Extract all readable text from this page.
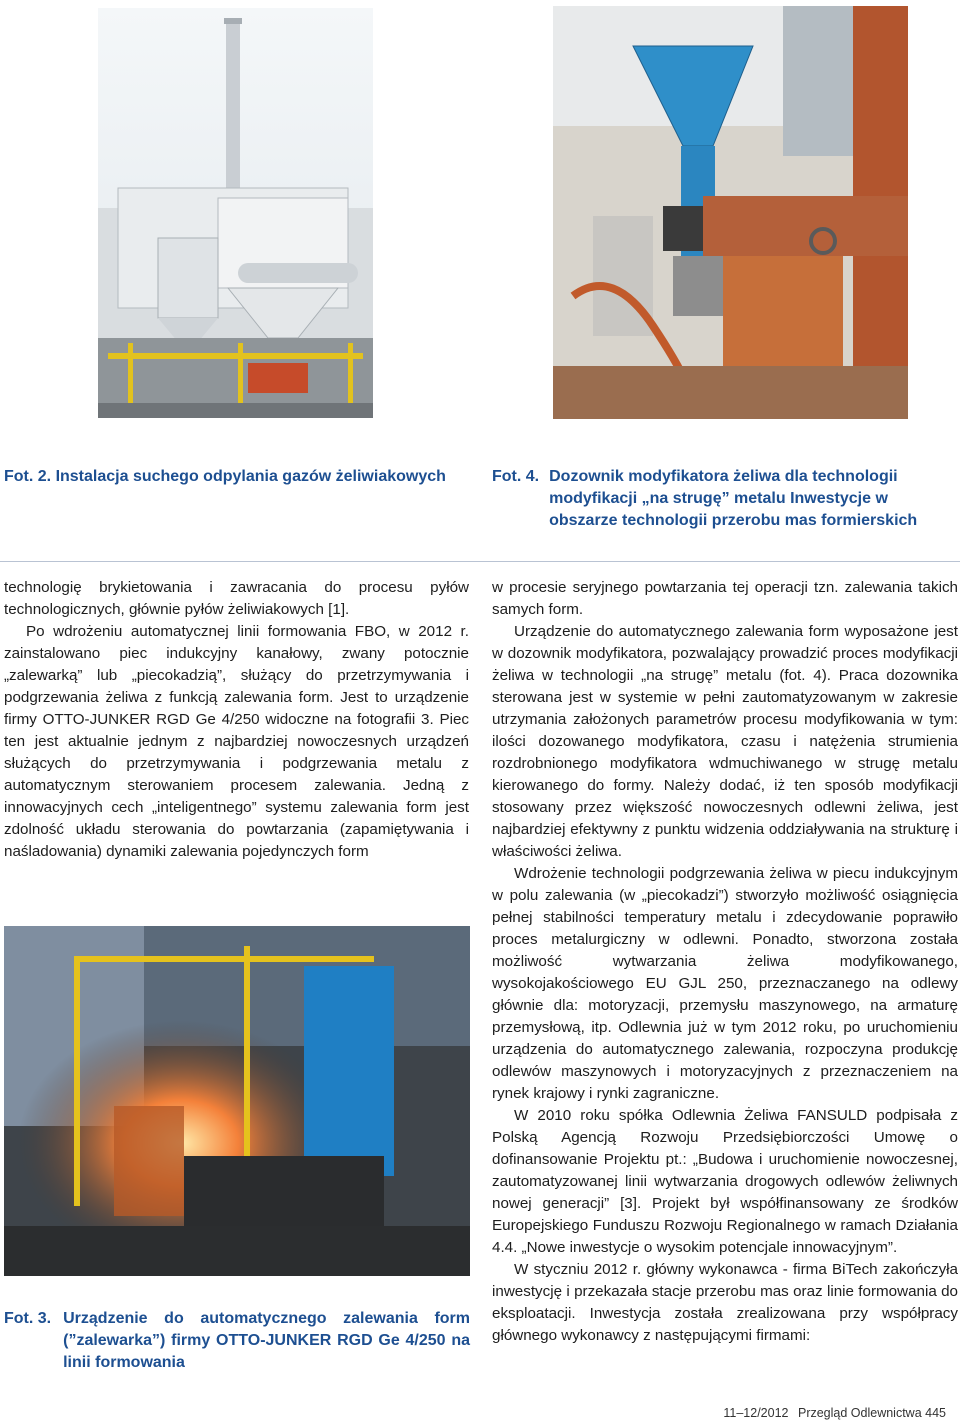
Fot. 2. Instalacja suchego odpylania gazów żeliwiakowych	Fot. 4. Dozownik modyfikatora żeliwa dla technologii modyfikacji „na strugę” metalu Inwestycje w obszarze technologii przerobu mas formierskich

technologię brykietowania i zawracania do procesu pyłów technologicznych, głównie pyłów żeliwiakowych [1].

Po wdrożeniu automatycznej linii formowania FBO, w 2012 r. zainstalowano piec indukcyjny kanałowy, zwany potocznie „zalewarką” lub „piecokadzią”, służący do przetrzymywania i podgrzewania żeliwa z funkcją zalewania form. Jest to urządzenie firmy OTTO-JUNKER RGD Ge 4/250 widoczne na fotografii 3. Piec ten jest aktualnie jednym z najbardziej nowoczesnych urządzeń służących do przetrzymywania i podgrzewania metalu z automatycznym sterowaniem procesem zalewania. Jedną z innowacyjnych cech „inteligentnego” systemu zalewania form jest zdolność układu sterowania do powtarzania (zapamiętywania i naśladowania) dynamiki zalewania pojedynczych form

Fot. 3. Urządzenie do automatycznego zalewania form (”zalewarka”) firmy OTTO-JUNKER RGD Ge 4/250 na linii formowania

w procesie seryjnego powtarzania tej operacji tzn. zalewania takich samych form.

Urządzenie do automatycznego zalewania form wyposażone jest w dozownik modyfikatora, pozwalający prowadzić proces modyfikacji żeliwa w technologii „na strugę” metalu (fot. 4). Praca dozownika sterowana jest w systemie w pełni zautomatyzowanym w zakresie utrzymania założonych parametrów procesu modyfikowania w tym: ilości dozowanego modyfikatora, czasu i natężenia strumienia rozdrobnionego modyfikatora wdmuchiwanego w strugę metalu kierowanego do formy. Należy dodać, iż ten sposób modyfikacji stosowany przez większość nowoczesnych odlewni żeliwa, jest najbardziej efektywny z punktu widzenia oddziaływania na strukturę i właściwości żeliwa.

Wdrożenie technologii podgrzewania żeliwa w piecu indukcyjnym w polu zalewania (w „piecokadzi”) stworzyło możliwość osiągnięcia pełnej stabilności temperatury metalu i zdecydowanie poprawiło proces metalurgiczny w odlewni. Ponadto, stworzona została możliwość wytwarzania żeliwa modyfikowanego, wysokojakościowego EU GJL 250, przeznaczanego na odlewy głównie dla: motoryzacji, przemysłu maszynowego, na armaturę przemysłową, itp. Odlewnia już w tym 2012 roku, po uruchomieniu urządzenia do automatycznego zalewania, rozpoczyna produkcję odlewów maszynowych i motoryzacyjnych z przeznaczeniem na rynek krajowy i rynki zagraniczne.

W 2010 roku spółka Odlewnia Żeliwa FANSULD podpisała z Polską Agencją Rozwoju Przedsiębiorczości Umowę o dofinansowanie Projektu pt.: „Budowa i uruchomienie nowoczesnej, zautomatyzowanej linii wytwarzania drogowych odlewów żeliwnych nowej generacji” [3]. Projekt był współfinansowany ze środków Europejskiego Funduszu Rozwoju Regionalnego w ramach Działania 4.4. „Nowe inwestycje o wysokim potencjale innowacyjnym”.

W styczniu 2012 r. główny wykonawca - firma BiTech zakończyła inwestycję i przekazała stacje przerobu mas oraz linie formowania do eksploatacji. Inwestycja została zrealizowana przy współpracy głównego wykonawcy z następującymi firmami:

11–12/2012 Przegląd Odlewnictwa 445
